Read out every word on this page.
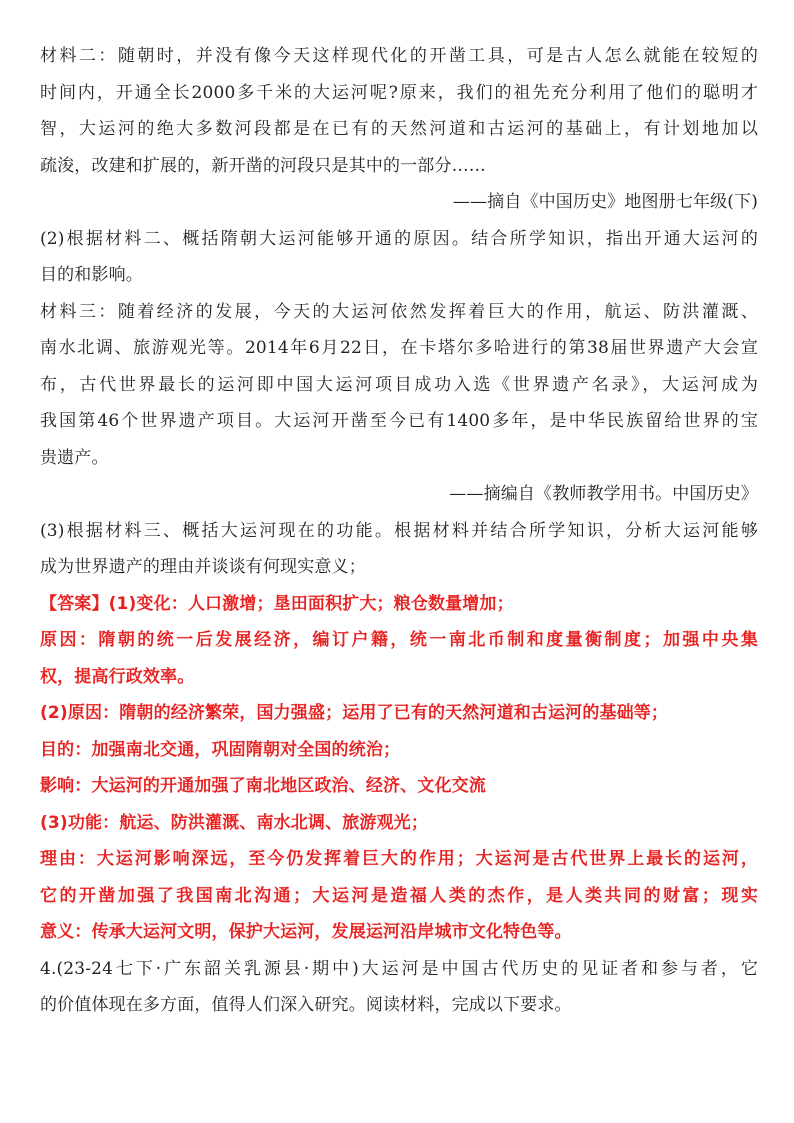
材料二：随朝时，并没有像今天这样现代化的开凿工具，可是古人怎么就能在较短的
时间内，开通全长2000多千米的大运河呢?原来，我们的祖先充分利用了他们的聪明才
智，大运河的绝大多数河段都是在已有的天然河道和古运河的基础上，有计划地加以
疏浚，改建和扩展的，新开凿的河段只是其中的一部分……
——摘自《中国历史》地图册七年级(下)
(2)根据材料二、概括隋朝大运河能够开通的原因。结合所学知识，指出开通大运河的
目的和影响。
材料三：随着经济的发展，今天的大运河依然发挥着巨大的作用，航运、防洪灌溉、
南水北调、旅游观光等。2014年6月22日，在卡塔尔多哈进行的第38届世界遗产大会宣
布，古代世界最长的运河即中国大运河项目成功入选《世界遗产名录》，大运河成为
我国第46个世界遗产项目。大运河开凿至今已有1400多年，是中华民族留给世界的宝
贵遗产。
——摘编自《教师教学用书。中国历史》
(3)根据材料三、概括大运河现在的功能。根据材料并结合所学知识，分析大运河能够
成为世界遗产的理由并谈谈有何现实意义；
【答案】(1)变化：人口激增；垦田面积扩大；粮仓数量增加；
原因：隋朝的统一后发展经济，编订户籍，统一南北币制和度量衡制度；加强中央集
权，提高行政效率。
(2)原因：隋朝的经济繁荣，国力强盛；运用了已有的天然河道和古运河的基础等；
目的：加强南北交通，巩固隋朝对全国的统治；
影响：大运河的开通加强了南北地区政治、经济、文化交流
(3)功能：航运、防洪灌溉、南水北调、旅游观光；
理由：大运河影响深远，至今仍发挥着巨大的作用；大运河是古代世界上最长的运河，
它的开凿加强了我国南北沟通；大运河是造福人类的杰作，是人类共同的财富；现实
意义：传承大运河文明，保护大运河，发展运河沿岸城市文化特色等。
4.(23-24七下·广东韶关乳源县·期中)大运河是中国古代历史的见证者和参与者，它
的价值体现在多方面，值得人们深入研究。阅读材料，完成以下要求。
